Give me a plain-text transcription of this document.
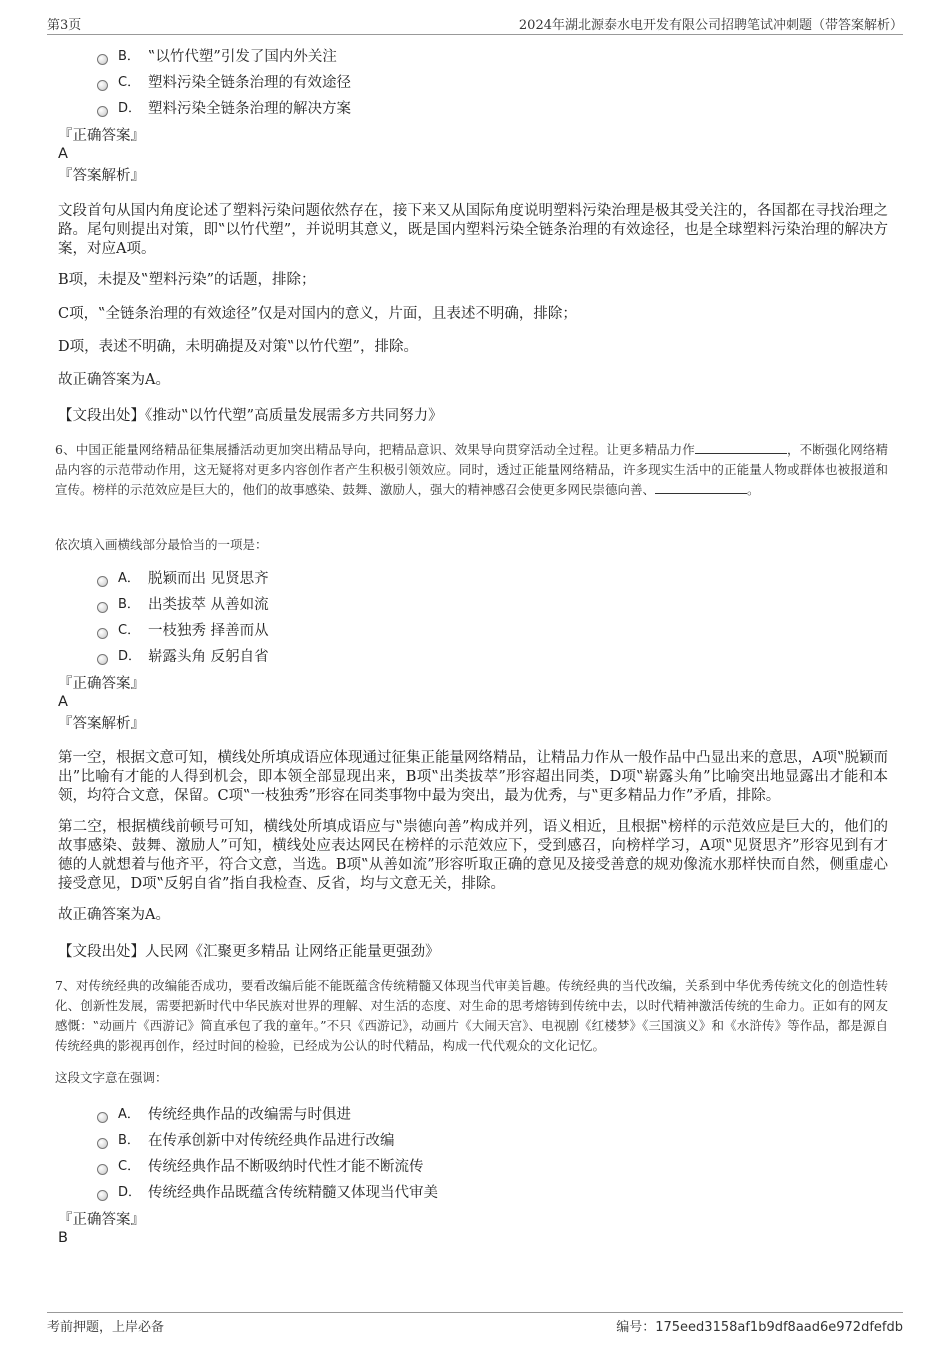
第3页	2024年湖北源泰水电开发有限公司招聘笔试冲刺题（带答案解析）
B． ‟以竹代塑”引发了国内外关注
C． 塑料污染全链条治理的有效途径
D． 塑料污染全链条治理的解决方案
『正确答案』
A
『答案解析』
文段首句从国内角度论述了塑料污染问题依然存在，接下来又从国际角度说明塑料污染治理是极其受关注的，各国都在寻找治理之路。尾句则提出对策，即‟以竹代塑”，并说明其意义，既是国内塑料污染全链条治理的有效途径，也是全球塑料污染治理的解决方案，对应A项。
B项，未提及‟塑料污染”的话题，排除；
C项，‟全链条治理的有效途径”仅是对国内的意义，片面，且表述不明确，排除；
D项，表述不明确，未明确提及对策‟以竹代塑”，排除。
故正确答案为A。
【文段出处】《推动‟以竹代塑”高质量发展需多方共同努力》
6、中国正能量网络精品征集展播活动更加突出精品导向，把精品意识、效果导向贯穿活动全过程。让更多精品力作	，不断强化网络精品内容的示范带动作用，这无疑将对更多内容创作者产生积极引领效应。同时，透过正能量网络精品，许多现实生活中的正能量人物或群体也被报道和宣传。榜样的示范效应是巨大的，他们的故事感染、鼓舞、激励人，强大的精神感召会使更多网民崇德向善、	。
依次填入画横线部分最恰当的一项是：
A． 脱颖而出 见贤思齐
B． 出类拔萃 从善如流
C． 一枝独秀 择善而从
D． 崭露头角 反躬自省
『正确答案』
A
『答案解析』
第一空，根据文意可知，横线处所填成语应体现通过征集正能量网络精品，让精品力作从一般作品中凸显出来的意思，A项‟脱颖而出”比喻有才能的人得到机会，即本领全部显现出来，B项‟出类拔萃”形容超出同类，D项‟崭露头角”比喻突出地显露出才能和本领，均符合文意，保留。C项‟一枝独秀”形容在同类事物中最为突出，最为优秀，与‟更多精品力作”矛盾，排除。
第二空，根据横线前顿号可知，横线处所填成语应与‟崇德向善”构成并列，语义相近，且根据‟榜样的示范效应是巨大的，他们的故事感染、鼓舞、激励人”可知，横线处应表达网民在榜样的示范效应下，受到感召，向榜样学习，A项‟见贤思齐”形容见到有才德的人就想着与他齐平，符合文意，当选。B项‟从善如流”形容听取正确的意见及接受善意的规劝像流水那样快而自然，侧重虚心接受意见，D项‟反躬自省”指自我检查、反省，均与文意无关，排除。
故正确答案为A。
【文段出处】人民网《汇聚更多精品 让网络正能量更强劲》
7、对传统经典的改编能否成功，要看改编后能不能既蕴含传统精髓又体现当代审美旨趣。传统经典的当代改编，关系到中华优秀传统文化的创造性转化、创新性发展，需要把新时代中华民族对世界的理解、对生活的态度、对生命的思考熔铸到传统中去，以时代精神激活传统的生命力。正如有的网友感慨：‟动画片《西游记》简直承包了我的童年。”不只《西游记》，动画片《大闹天宫》、电视剧《红楼梦》《三国演义》和《水浒传》等作品，都是源自传统经典的影视再创作，经过时间的检验，已经成为公认的时代精品，构成一代代观众的文化记忆。
这段文字意在强调：
A． 传统经典作品的改编需与时俱进
B． 在传承创新中对传统经典作品进行改编
C． 传统经典作品不断吸纳时代性才能不断流传
D． 传统经典作品既蕴含传统精髓又体现当代审美
『正确答案』
B
考前押题，上岸必备	编号：175eed3158af1b9df8aad6e972dfefdb
